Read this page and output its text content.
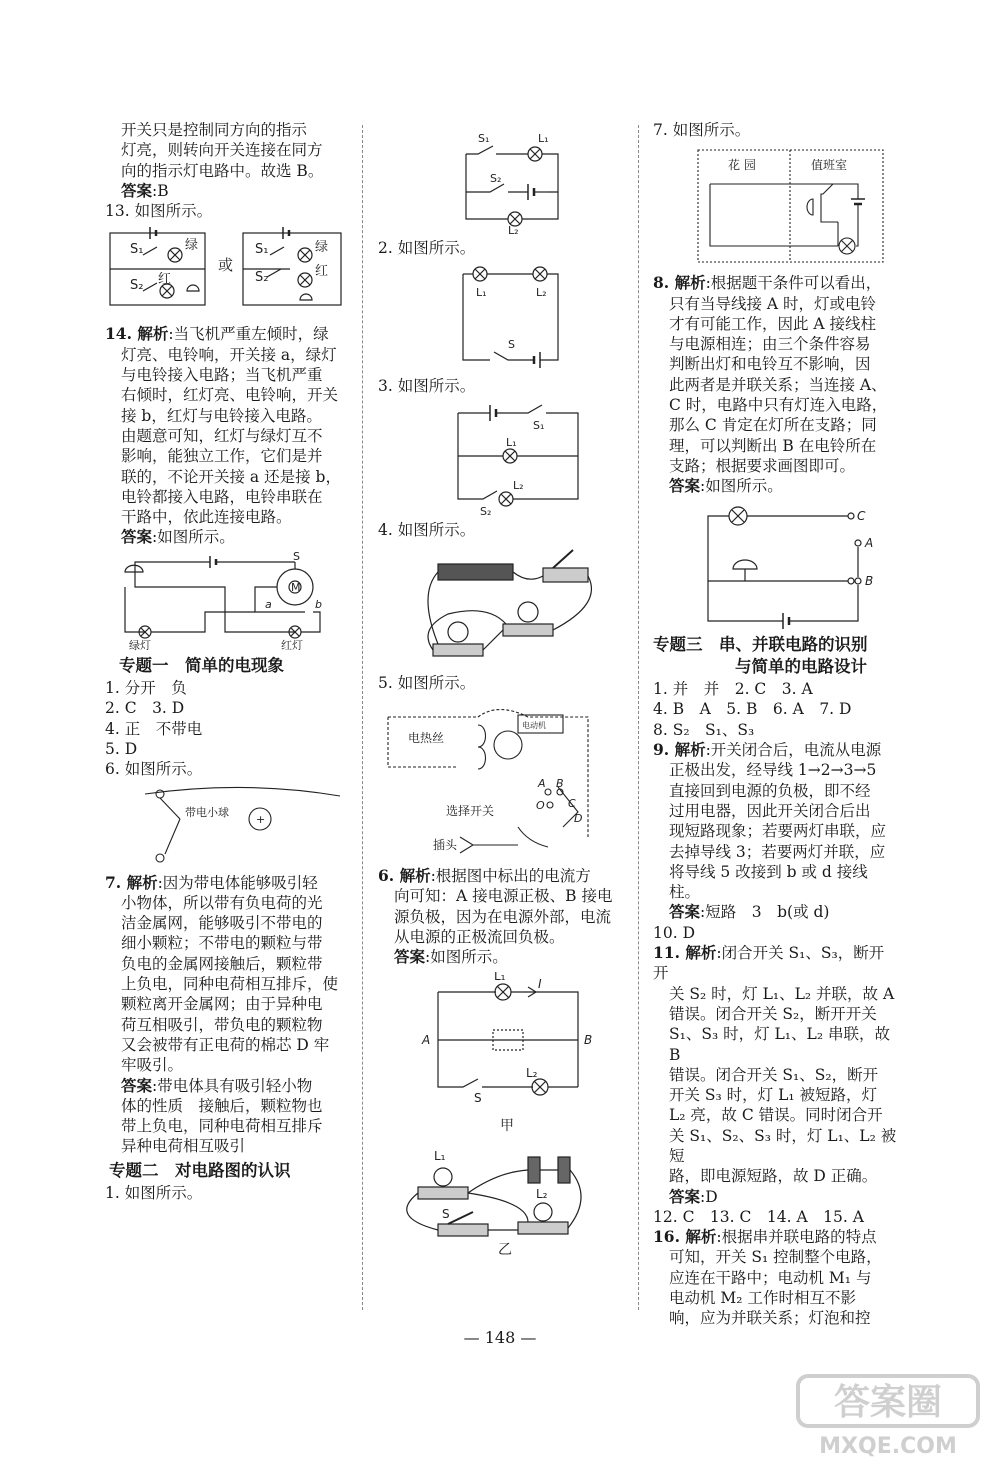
开关只是控制同方向的指示

灯亮，则转向开关连接在同方

向的指示灯电路中。故选 B。

答案:B

13. 如图所示。

S₁	绿
S₂ 红
或
S₁	绿
S₂	红

14. 解析:当飞机严重左倾时，绿

灯亮、电铃响，开关接 a，绿灯

与电铃接入电路；当飞机严重

右倾时，红灯亮、电铃响，开关

接 b，红灯与电铃接入电路。

由题意可知，红灯与绿灯互不

影响，能独立工作，它们是并

联的，不论开关接 a 还是接 b，

电铃都接入电路，电铃串联在

干路中，依此连接电路。

答案:如图所示。

S
M
a	b
绿灯	红灯

专题一　简单的电现象

1. 分开　负

2. C　3. D

4. 正　不带电

5. D

6. 如图所示。

带电小球
+

7. 解析:因为带电体能够吸引轻

小物体，所以带有负电荷的光

洁金属网，能够吸引不带电的

细小颗粒；不带电的颗粒与带

负电的金属网接触后，颗粒带

上负电，同种电荷相互排斥，使

颗粒离开金属网；由于异种电

荷互相吸引，带负电的颗粒物

又会被带有正电荷的棉芯 D 牢

牢吸引。

答案:带电体具有吸引轻小物

体的性质　接触后，颗粒物也

带上负电，同种电荷相互排斥

异种电荷相互吸引

专题二　对电路图的认识

1. 如图所示。

S₁	L₁
S₂
L₂

2. 如图所示。

L₁	L₂
S

3. 如图所示。

S₁
L₁
L₂
S₂

4. 如图所示。

5. 如图所示。

电热丝
电动机
A B
O C
D
选择开关
插头

6. 解析:根据图中标出的电流方

向可知：A 接电源正极、B 接电

源负极，因为在电源外部，电流

从电源的正极流回负极。

答案:如图所示。

L₁
I
A	B
S
L₂
甲
L₁
S
L₂
乙

7. 如图所示。

花 园	值班室

8. 解析:根据题干条件可以看出，

只有当导线接 A 时，灯或电铃

才有可能工作，因此 A 接线柱

与电源相连；由三个条件容易

判断出灯和电铃互不影响，因

此两者是并联关系；当连接 A、

C 时，电路中只有灯连入电路，

那么 C 肯定在灯所在支路；同

理，可以判断出 B 在电铃所在

支路；根据要求画图即可。

答案:如图所示。

C
A
B

专题三　串、并联电路的识别

与简单的电路设计

1. 并　并　2. C　3. A

4. B　A　5. B　6. A　7. D

8. S₂　S₁、S₃

9. 解析:开关闭合后，电流从电源

正极出发，经导线 1→2→3→5

直接回到电源的负极，即不经

过用电器，因此开关闭合后出

现短路现象；若要两灯串联，应

去掉导线 3；若要两灯并联，应

将导线 5 改接到 b 或 d 接线柱。

答案:短路　3　b(或 d)

10. D

11. 解析:闭合开关 S₁、S₃，断开开

关 S₂ 时，灯 L₁、L₂ 并联，故 A

错误。闭合开关 S₂，断开开关

S₁、S₃ 时，灯 L₁、L₂ 串联，故 B

错误。闭合开关 S₁、S₂，断开

开关 S₃ 时，灯 L₁ 被短路，灯

L₂ 亮，故 C 错误。同时闭合开

关 S₁、S₂、S₃ 时，灯 L₁、L₂ 被短

路，即电源短路，故 D 正确。

答案:D

12. C　13. C　14. A　15. A

16. 解析:根据串并联电路的特点

可知，开关 S₁ 控制整个电路，

应连在干路中；电动机 M₁ 与

电动机 M₂ 工作时相互不影

响，应为并联关系；灯泡和控

— 148 —
答案圈
MXQE.COM
